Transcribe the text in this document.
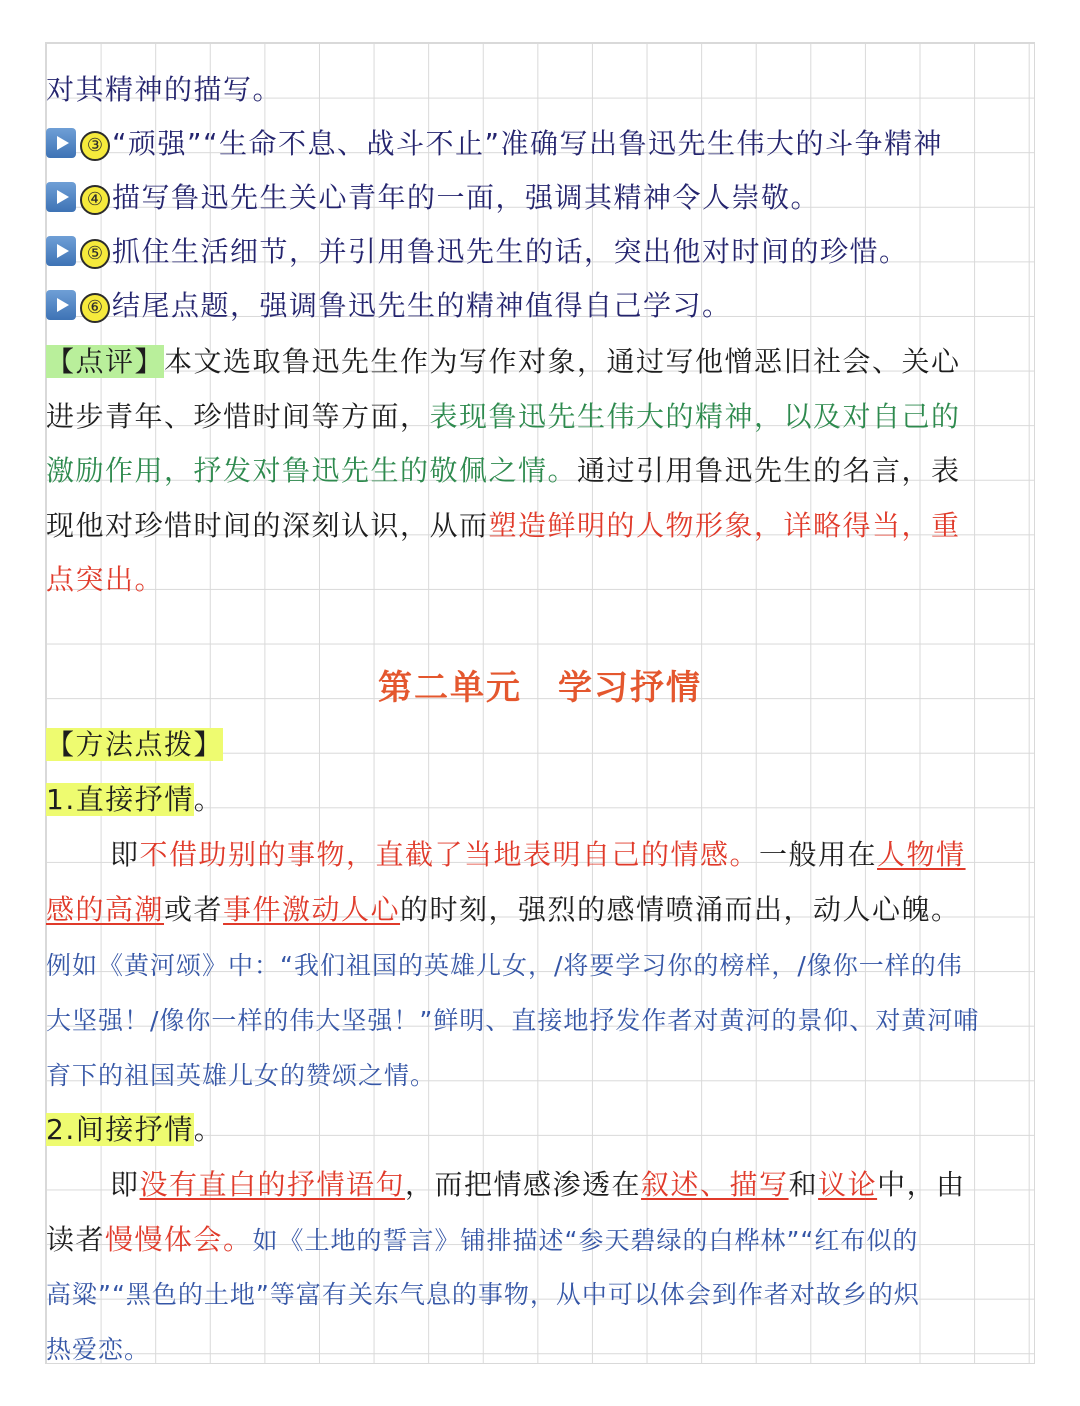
对其精神的描写。
③ “顽强”“生命不息、战斗不止”准确写出鲁迅先生伟大的斗争精神
④ 描写鲁迅先生关心青年的一面，强调其精神令人崇敬。
⑤ 抓住生活细节，并引用鲁迅先生的话，突出他对时间的珍惜。
⑥ 结尾点题，强调鲁迅先生的精神值得自己学习。
【点评】本文选取鲁迅先生作为写作对象，通过写他憎恶旧社会、关心
进步青年、珍惜时间等方面，表现鲁迅先生伟大的精神，以及对自己的
激励作用，抒发对鲁迅先生的敬佩之情。通过引用鲁迅先生的名言，表
现他对珍惜时间的深刻认识，从而塑造鲜明的人物形象，详略得当，重
点突出。
第二单元　学习抒情
【方法点拨】
1.直接抒情。
即不借助别的事物，直截了当地表明自己的情感。一般用在人物情
感的高潮或者事件激动人心的时刻，强烈的感情喷涌而出，动人心魄。
例如《黄河颂》中：“我们祖国的英雄儿女，/将要学习你的榜样，/像你一样的伟
大坚强！/像你一样的伟大坚强！”鲜明、直接地抒发作者对黄河的景仰、对黄河哺
育下的祖国英雄儿女的赞颂之情。
2.间接抒情。
即没有直白的抒情语句，而把情感渗透在叙述、描写和议论中，由
读者慢慢体会。如《土地的誓言》铺排描述“参天碧绿的白桦林”“红布似的
高粱”“黑色的土地”等富有关东气息的事物，从中可以体会到作者对故乡的炽
热爱恋。
